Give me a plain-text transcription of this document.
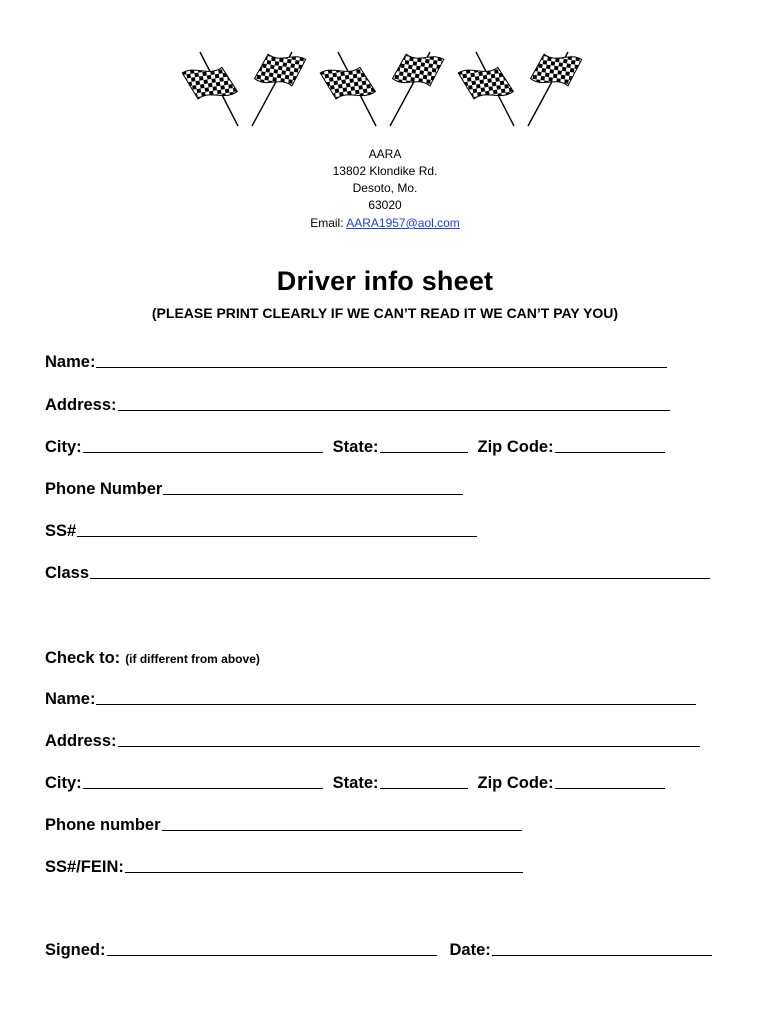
AARA
13802 Klondike Rd.
Desoto, Mo.
63020
Email: AARA1957@aol.com
Driver info sheet
(PLEASE PRINT CLEARLY IF WE CAN’T READ IT WE CAN’T PAY YOU)
Name:
Address:
City:	State:	Zip Code:
Phone Number
SS#
Class
Check to: (if different from above)
Name:
Address:
City:	State:	Zip Code:
Phone number
SS#/FEIN:
Signed:	Date:
